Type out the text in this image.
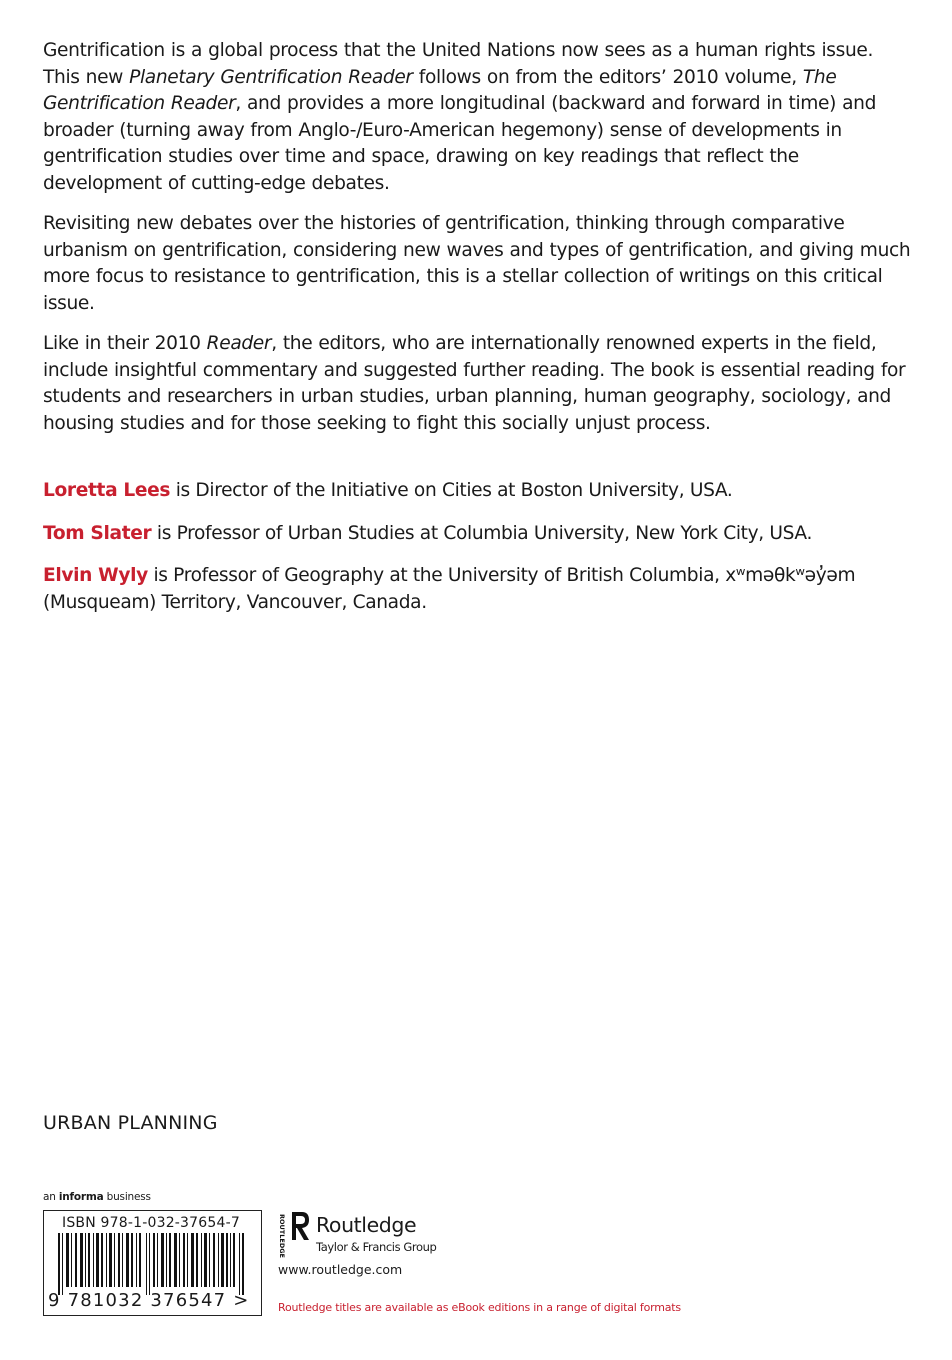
Gentrification is a global process that the United Nations now sees as a human rights issue. This new Planetary Gentrification Reader follows on from the editors’ 2010 volume, The Gentrification Reader, and provides a more longitudinal (backward and forward in time) and broader (turning away from Anglo-/Euro-American hegemony) sense of developments in gentrification studies over time and space, drawing on key readings that reflect the development of cutting-edge debates.

Revisiting new debates over the histories of gentrification, thinking through comparative urbanism on gentrification, considering new waves and types of gentrification, and giving much more focus to resistance to gentrification, this is a stellar collection of writings on this critical issue.

Like in their 2010 Reader, the editors, who are internationally renowned experts in the field, include insightful commentary and suggested further reading. The book is essential reading for students and researchers in urban studies, urban planning, human geography, sociology, and housing studies and for those seeking to fight this socially unjust process.

Loretta Lees is Director of the Initiative on Cities at Boston University, USA.

Tom Slater is Professor of Urban Studies at Columbia University, New York City, USA.

Elvin Wyly is Professor of Geography at the University of British Columbia, xʷməθkʷəy̓əm (Musqueam) Territory, Vancouver, Canada.

URBAN PLANNING
an informa business
ISBN 978-1-032-37654-7
9 781032 376547 >
ROUTLEDGE Routledge
Taylor & Francis Group
www.routledge.com
Routledge titles are available as eBook editions in a range of digital formats
